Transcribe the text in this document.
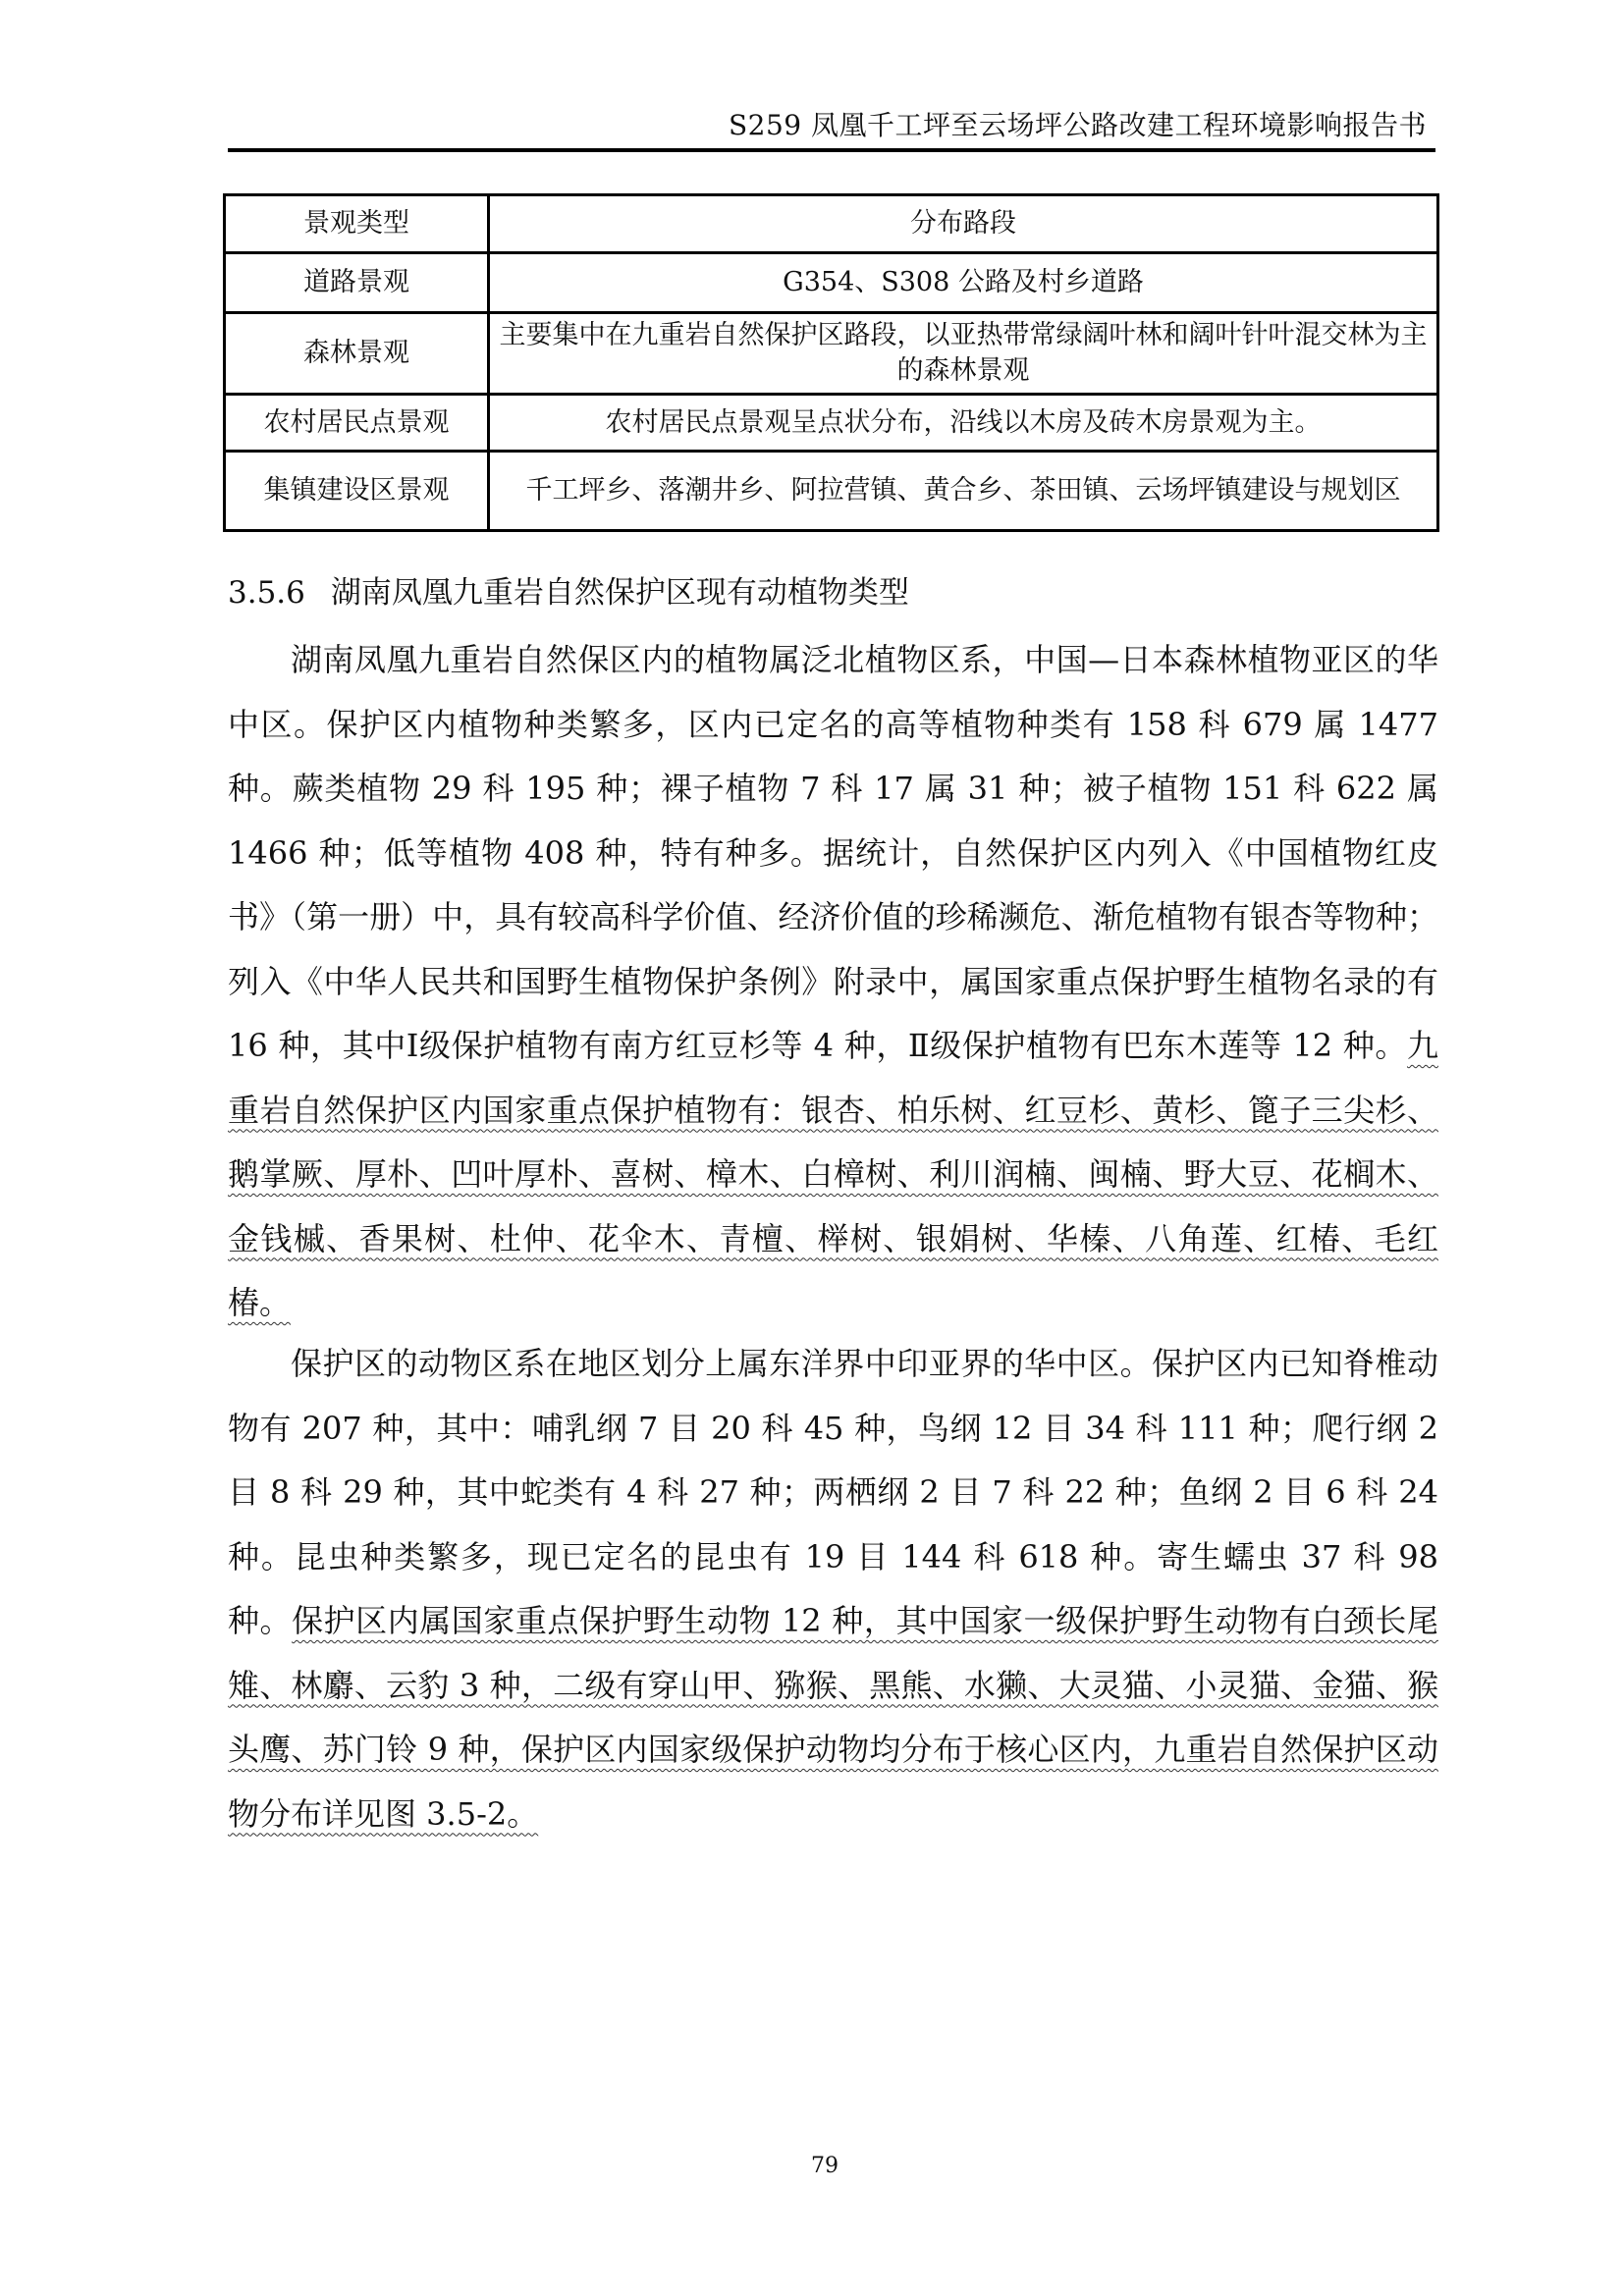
S259 凤凰千工坪至云场坪公路改建工程环境影响报告书
景观类型	分布路段
道路景观	G354、S308 公路及村乡道路
森林景观	主要集中在九重岩自然保护区路段，以亚热带常绿阔叶林和阔叶针叶混交林为主的森林景观
农村居民点景观	农村居民点景观呈点状分布，沿线以木房及砖木房景观为主。
集镇建设区景观	千工坪乡、落潮井乡、阿拉营镇、黄合乡、茶田镇、云场坪镇建设与规划区
3.5.6 湖南凤凰九重岩自然保护区现有动植物类型

湖南凤凰九重岩自然保区内的植物属泛北植物区系，中国—日本森林植物亚区的华中区。保护区内植物种类繁多，区内已定名的高等植物种类有 158 科 679 属 1477 种。蕨类植物 29 科 195 种；裸子植物 7 科 17 属 31 种；被子植物 151 科 622 属 1466 种；低等植物 408 种，特有种多。据统计，自然保护区内列入《中国植物红皮书》（第一册）中，具有较高科学价值、经济价值的珍稀濒危、渐危植物有银杏等物种；列入《中华人民共和国野生植物保护条例》附录中，属国家重点保护野生植物名录的有 16 种，其中Ⅰ级保护植物有南方红豆杉等 4 种，Ⅱ级保护植物有巴东木莲等 12 种。九重岩自然保护区内国家重点保护植物有：银杏、柏乐树、红豆杉、黄杉、篦子三尖杉、鹅掌厥、厚朴、凹叶厚朴、喜树、樟木、白樟树、利川润楠、闽楠、野大豆、花榈木、金钱槭、香果树、杜仲、花伞木、青檀、榉树、银娟树、华榛、八角莲、红椿、毛红椿。

保护区的动物区系在地区划分上属东洋界中印亚界的华中区。保护区内已知脊椎动物有 207 种，其中：哺乳纲 7 目 20 科 45 种，鸟纲 12 目 34 科 111 种；爬行纲 2 目 8 科 29 种，其中蛇类有 4 科 27 种；两栖纲 2 目 7 科 22 种；鱼纲 2 目 6 科 24 种。昆虫种类繁多，现已定名的昆虫有 19 目 144 科 618 种。寄生蠕虫 37 科 98 种。保护区内属国家重点保护野生动物 12 种，其中国家一级保护野生动物有白颈长尾雉、林麝、云豹 3 种，二级有穿山甲、猕猴、黑熊、水獭、大灵猫、小灵猫、金猫、猴头鹰、苏门铃 9 种，保护区内国家级保护动物均分布于核心区内，九重岩自然保护区动物分布详见图 3.5-2。

79
